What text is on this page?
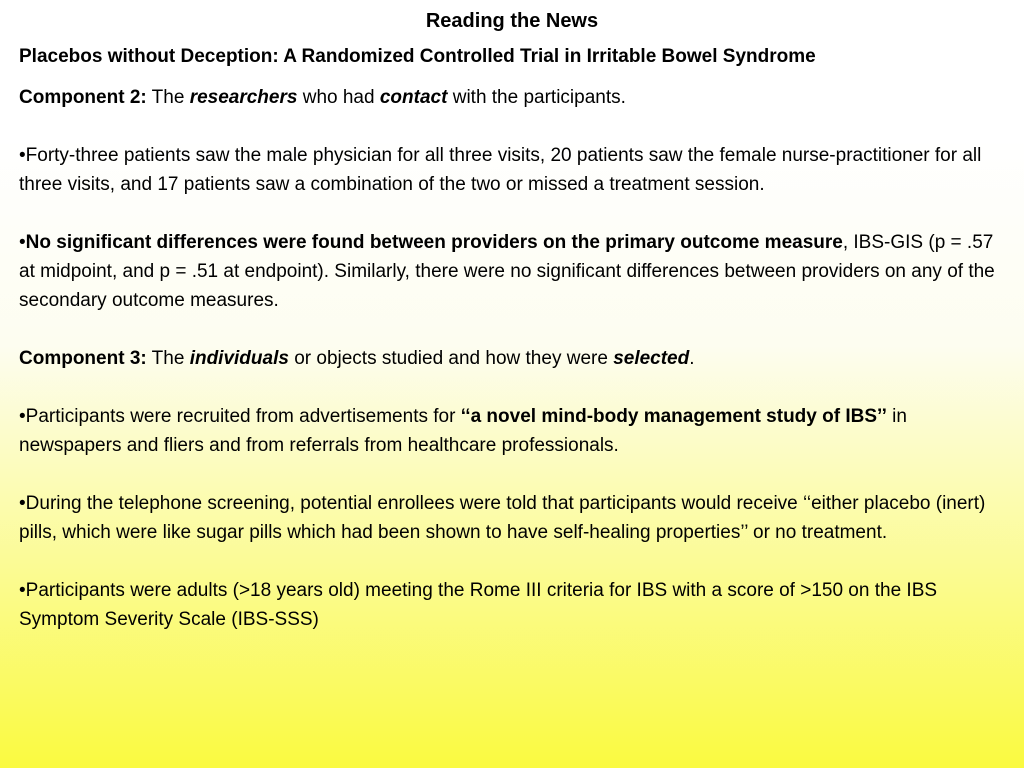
Reading the News
Placebos without Deception: A Randomized Controlled Trial in Irritable Bowel Syndrome

Component 2: The researchers who had contact with the participants.

•Forty-three patients saw the male physician for all three visits, 20 patients saw the female nurse-practitioner for all three visits, and 17 patients saw a combination of the two or missed a treatment session.

•No significant differences were found between providers on the primary outcome measure, IBS-GIS (p = .57 at midpoint, and p = .51 at endpoint). Similarly, there were no significant differences between providers on any of the secondary outcome measures.

Component 3: The individuals or objects studied and how they were selected.

•Participants were recruited from advertisements for ‘‘a novel mind-body management study of IBS’’ in newspapers and fliers and from referrals from healthcare professionals.

•During the telephone screening, potential enrollees were told that participants would receive ‘‘either placebo (inert) pills, which were like sugar pills which had been shown to have self-healing properties’’ or no treatment.

•Participants were adults (>18 years old) meeting the Rome III criteria for IBS with a score of >150 on the IBS Symptom Severity Scale (IBS-SSS)
